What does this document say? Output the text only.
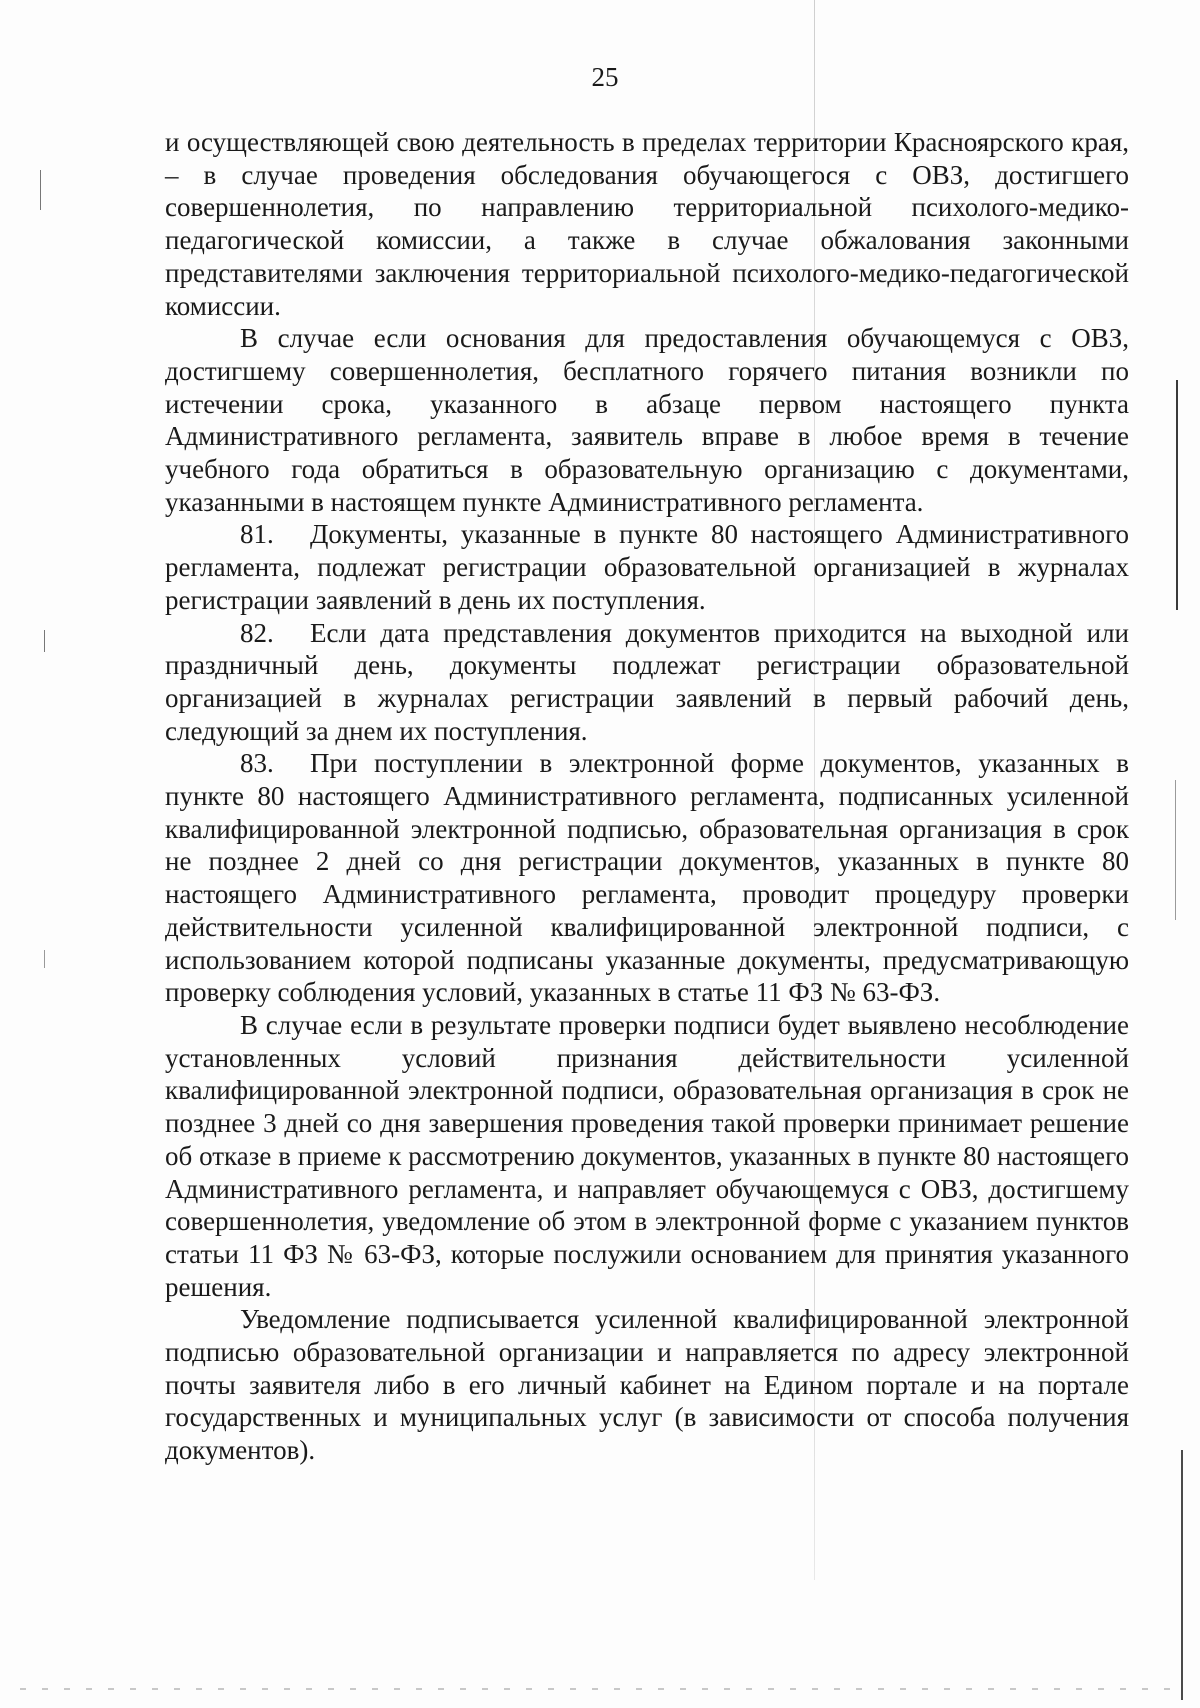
25

и осуществляющей свою деятельность в пределах территории Красноярского края, – в случае проведения обследования обучающегося с ОВЗ, достигшего совершеннолетия, по направлению территориальной психолого-медико-педагогической комиссии, а также в случае обжалования законными представителями заключения территориальной психолого-медико-педагогической комиссии.

В случае если основания для предоставления обучающемуся с ОВЗ, достигшему совершеннолетия, бесплатного горячего питания возникли по истечении срока, указанного в абзаце первом настоящего пункта Административного регламента, заявитель вправе в любое время в течение учебного года обратиться в образовательную организацию с документами, указанными в настоящем пункте Административного регламента.

81. Документы, указанные в пункте 80 настоящего Административного регламента, подлежат регистрации образовательной организацией в журналах регистрации заявлений в день их поступления.

82. Если дата представления документов приходится на выходной или праздничный день, документы подлежат регистрации образовательной организацией в журналах регистрации заявлений в первый рабочий день, следующий за днем их поступления.

83. При поступлении в электронной форме документов, указанных в пункте 80 настоящего Административного регламента, подписанных усиленной квалифицированной электронной подписью, образовательная организация в срок не позднее 2 дней со дня регистрации документов, указанных в пункте 80 настоящего Административного регламента, проводит процедуру проверки действительности усиленной квалифицированной электронной подписи, с использованием которой подписаны указанные документы, предусматривающую проверку соблюдения условий, указанных в статье 11 ФЗ № 63-ФЗ.

В случае если в результате проверки подписи будет выявлено несоблюдение установленных условий признания действительности усиленной квалифицированной электронной подписи, образовательная организация в срок не позднее 3 дней со дня завершения проведения такой проверки принимает решение об отказе в приеме к рассмотрению документов, указанных в пункте 80 настоящего Административного регламента, и направляет обучающемуся с ОВЗ, достигшему совершеннолетия, уведомление об этом в электронной форме с указанием пунктов статьи 11 ФЗ № 63-ФЗ, которые послужили основанием для принятия указанного решения.

Уведомление подписывается усиленной квалифицированной электронной подписью образовательной организации и направляется по адресу электронной почты заявителя либо в его личный кабинет на Едином портале и на портале государственных и муниципальных услуг (в зависимости от способа получения документов).
